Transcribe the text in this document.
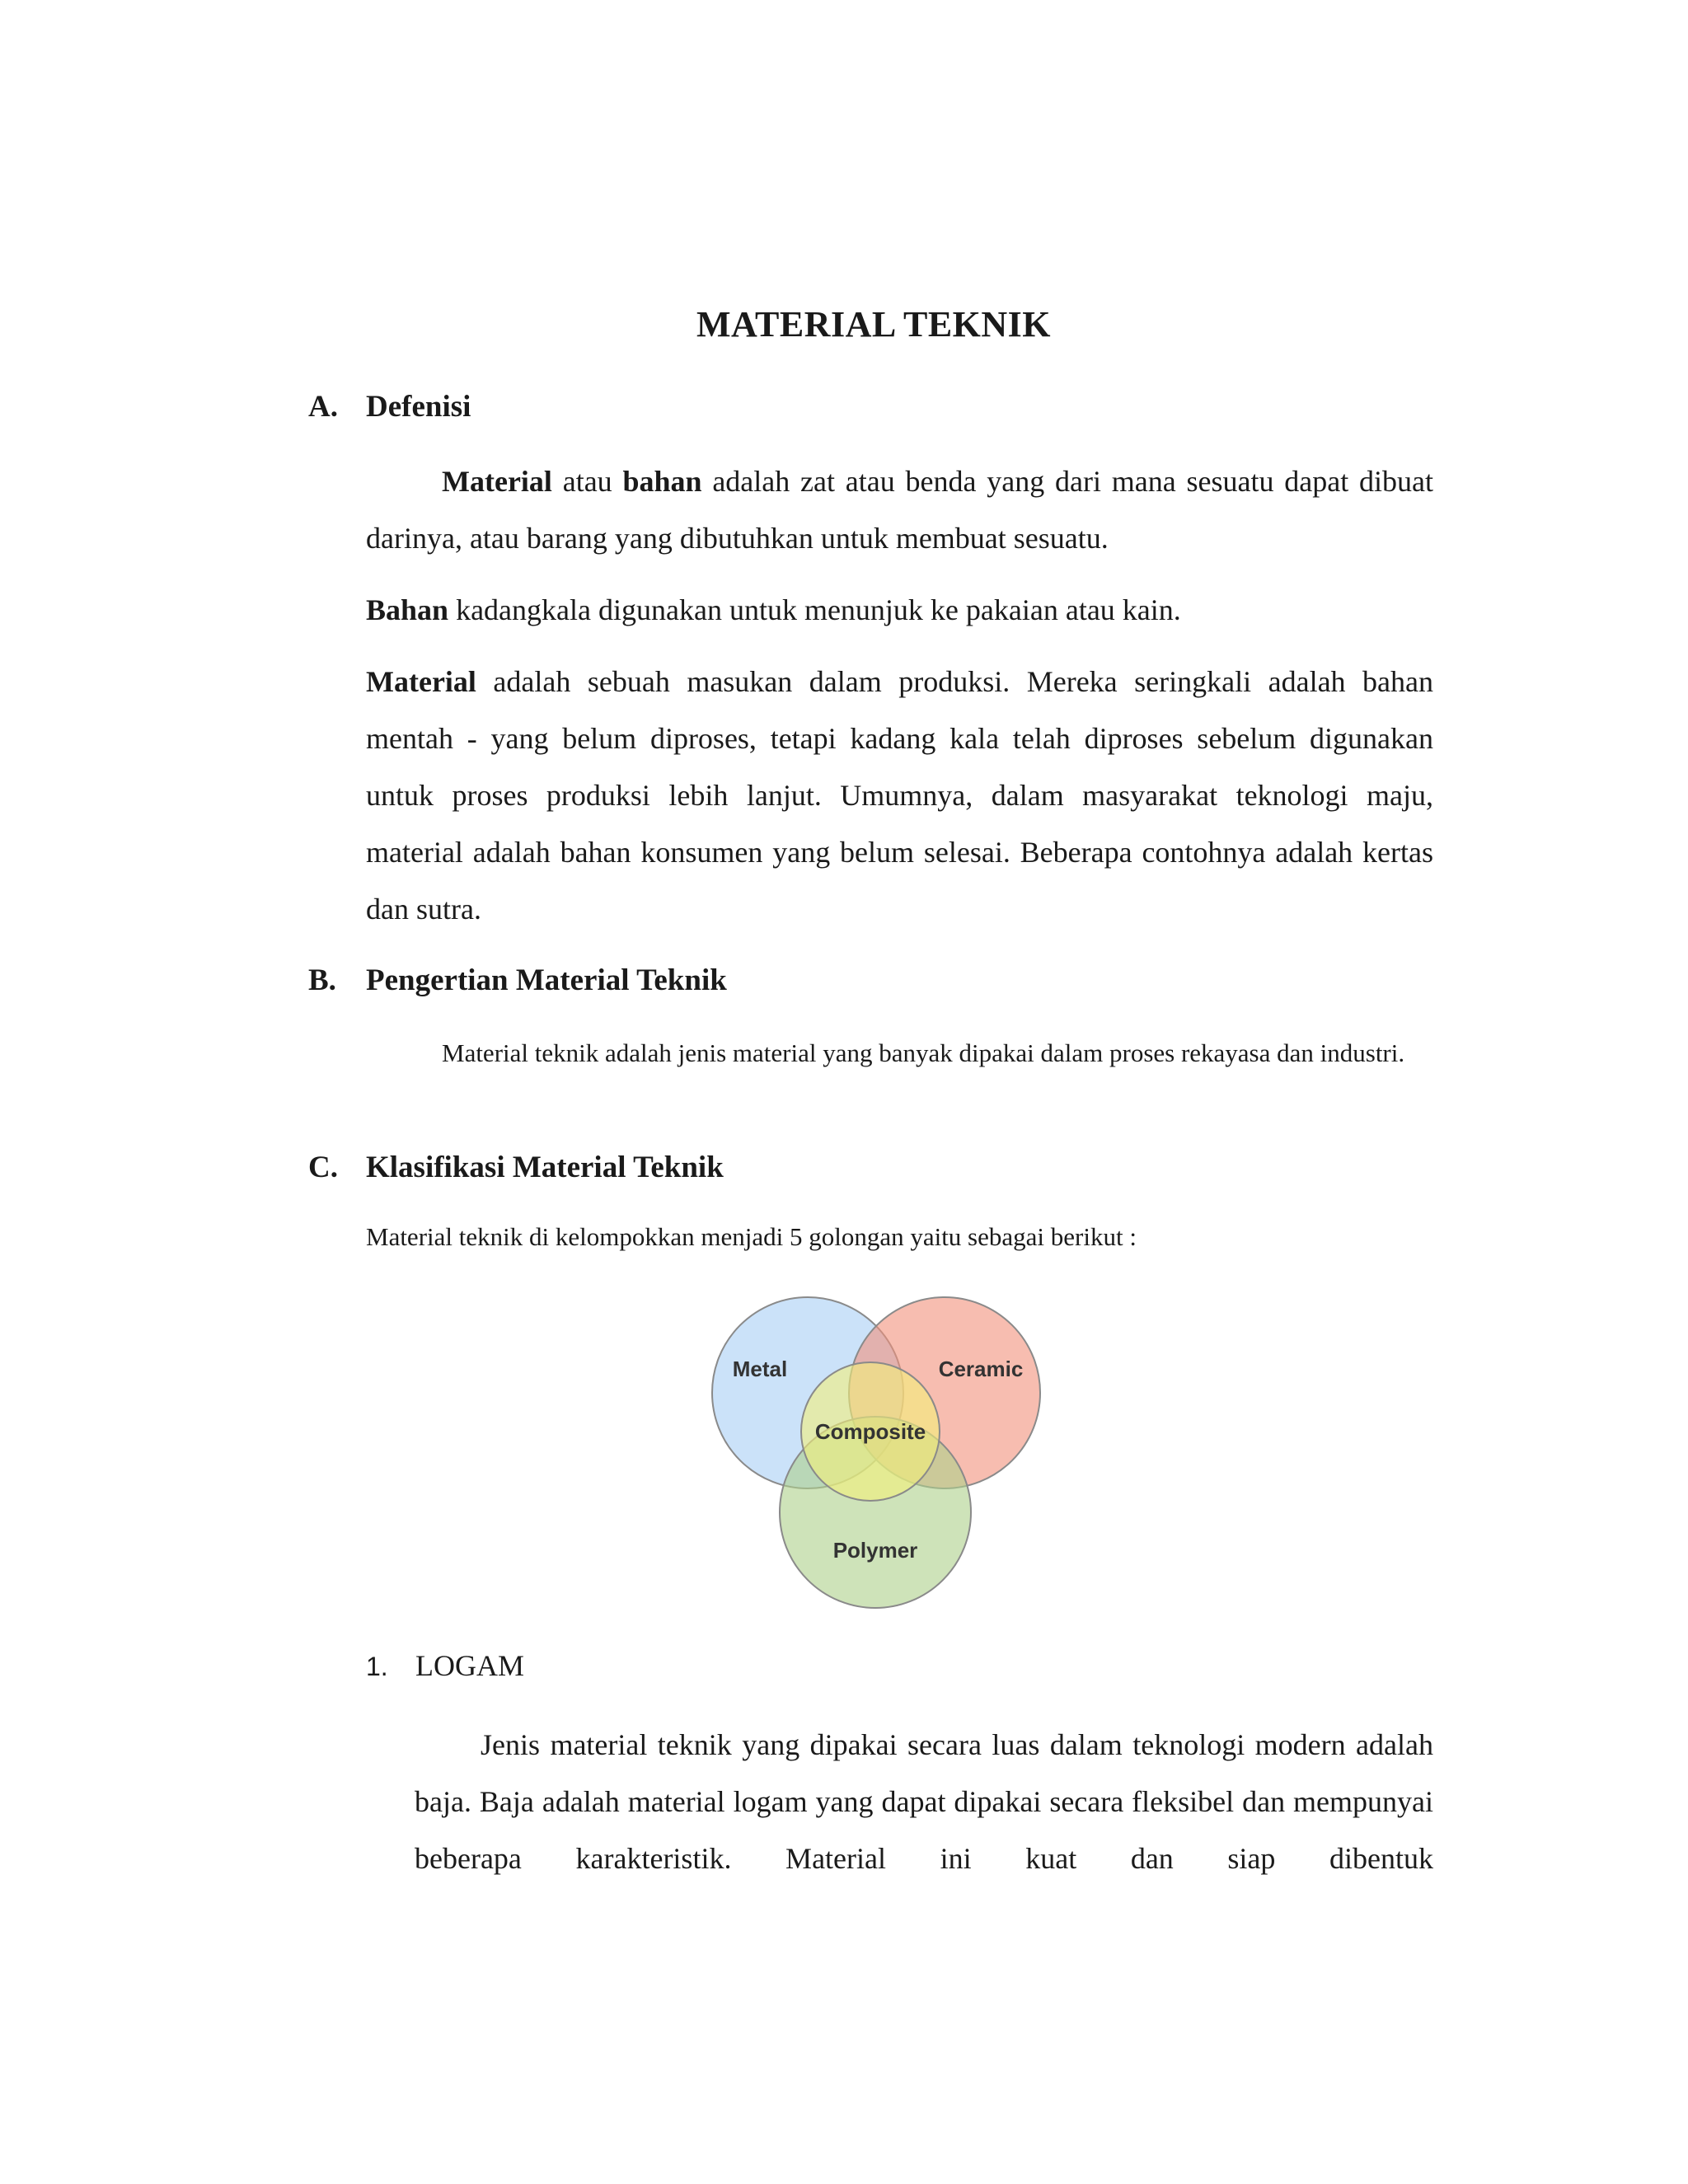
MATERIAL TEKNIK
A. Defenisi
Material atau bahan adalah zat atau benda yang dari mana sesuatu dapat dibuat darinya, atau barang yang dibutuhkan untuk membuat sesuatu.
Bahan kadangkala digunakan untuk menunjuk ke pakaian atau kain.
Material adalah sebuah masukan dalam produksi. Mereka seringkali adalah bahan mentah - yang belum diproses, tetapi kadang kala telah diproses sebelum digunakan untuk proses produksi lebih lanjut. Umumnya, dalam masyarakat teknologi maju, material adalah bahan konsumen yang belum selesai. Beberapa contohnya adalah kertas dan sutra.
B. Pengertian Material Teknik
Material teknik adalah jenis material yang banyak dipakai dalam proses rekayasa dan industri.
C. Klasifikasi Material Teknik
Material teknik di kelompokkan menjadi 5 golongan yaitu sebagai berikut :
Metal	Ceramic
Composite
Polymer
1. LOGAM
Jenis material teknik yang dipakai secara luas dalam teknologi modern adalah baja. Baja adalah material logam yang dapat dipakai secara fleksibel dan mempunyai beberapa karakteristik. Material ini kuat dan siap dibentuk
